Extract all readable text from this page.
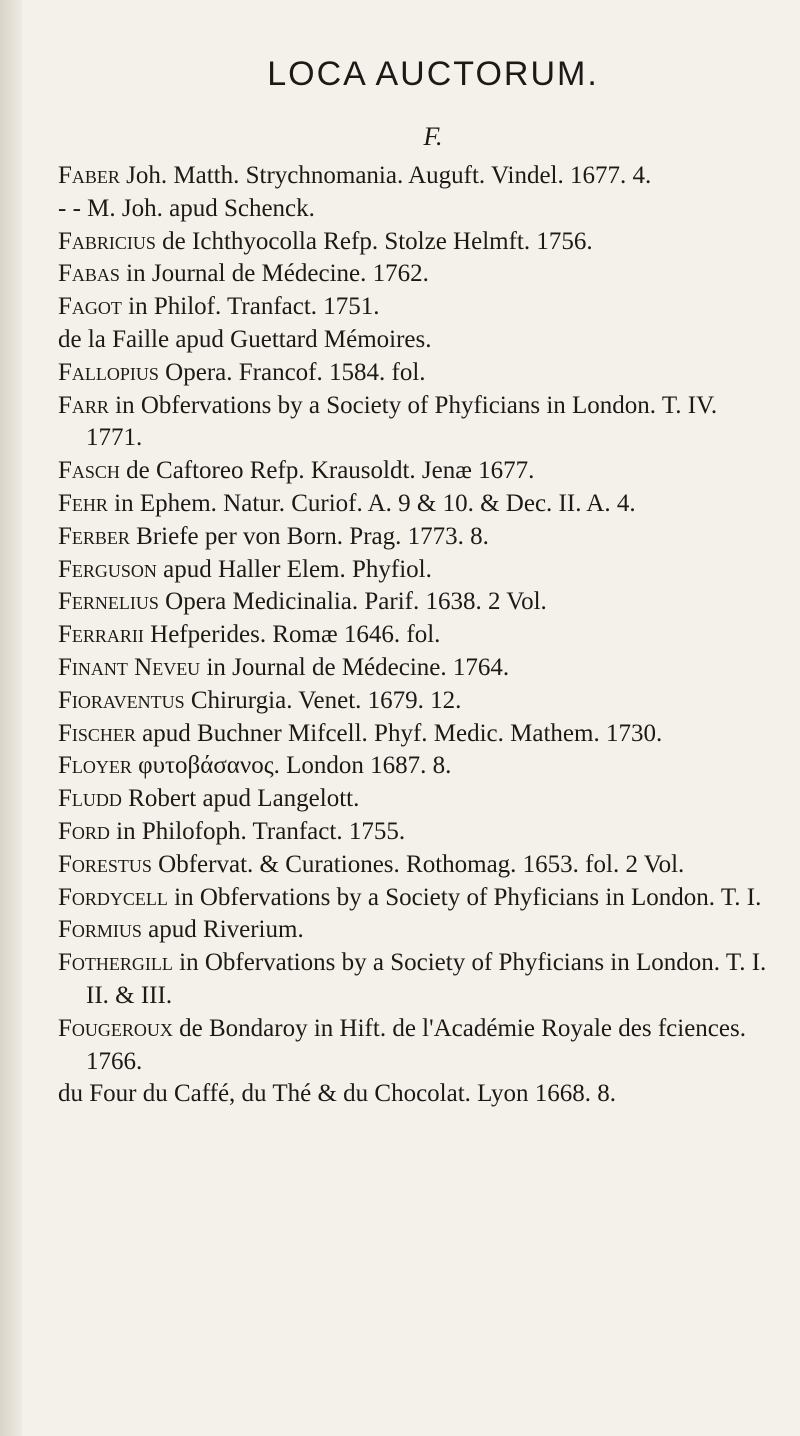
LOCA AUCTORUM.
F.

Faber Joh. Matth. Strychnomania. Auguft. Vindel. 1677. 4.

- - M. Joh. apud Schenck.

Fabricius de Ichthyocolla Refp. Stolze Helmft. 1756.

Fabas in Journal de Médecine. 1762.

Fagot in Philof. Tranfact. 1751.

de la Faille apud Guettard Mémoires.

Fallopius Opera. Francof. 1584. fol.

Farr in Obfervations by a Society of Phyficians in London. T. IV. 1771.

Fasch de Caftoreo Refp. Krausoldt. Jenæ 1677.

Fehr in Ephem. Natur. Curiof. A. 9 & 10. & Dec. II. A. 4.

Ferber Briefe per von Born. Prag. 1773. 8.

Ferguson apud Haller Elem. Phyfiol.

Fernelius Opera Medicinalia. Parif. 1638. 2 Vol.

Ferrarii Hefperides. Romæ 1646. fol.

Finant Neveu in Journal de Médecine. 1764.

Fioraventus Chirurgia. Venet. 1679. 12.

Fischer apud Buchner Mifcell. Phyf. Medic. Mathem. 1730.

Floyer φυτοβάσανος. London 1687. 8.

Fludd Robert apud Langelott.

Ford in Philofoph. Tranfact. 1755.

Forestus Obfervat. & Curationes. Rothomag. 1653. fol. 2 Vol.

Fordycell in Obfervations by a Society of Phyficians in London. T. I.

Formius apud Riverium.

Fothergill in Obfervations by a Society of Phyficians in London. T. I. II. & III.

Fougeroux de Bondaroy in Hift. de l'Académie Royale des fciences. 1766.

du Four du Caffé, du Thé & du Chocolat. Lyon 1668. 8.
